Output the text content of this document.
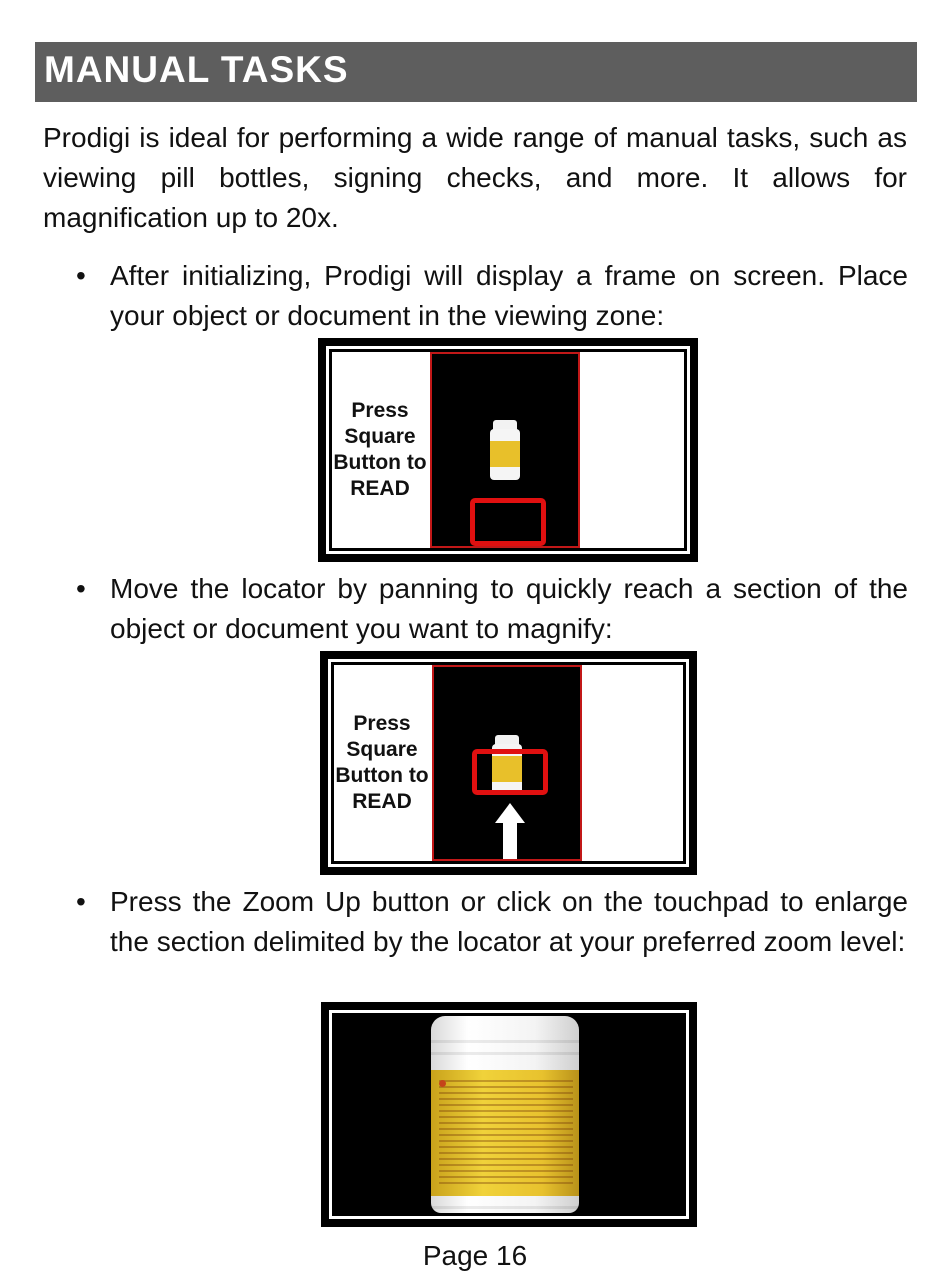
MANUAL TASKS

Prodigi is ideal for performing a wide range of manual tasks, such as viewing pill bottles, signing checks, and more. It allows for magnification up to 20x.

• After initializing, Prodigi will display a frame on screen. Place your object or document in the viewing zone:

Press Square Button to READ
• Move the locator by panning to quickly reach a section of the object or document you want to magnify:

Press Square Button to READ
• Press the Zoom Up button or click on the touchpad to enlarge the section delimited by the locator at your preferred zoom level:

Page 16
